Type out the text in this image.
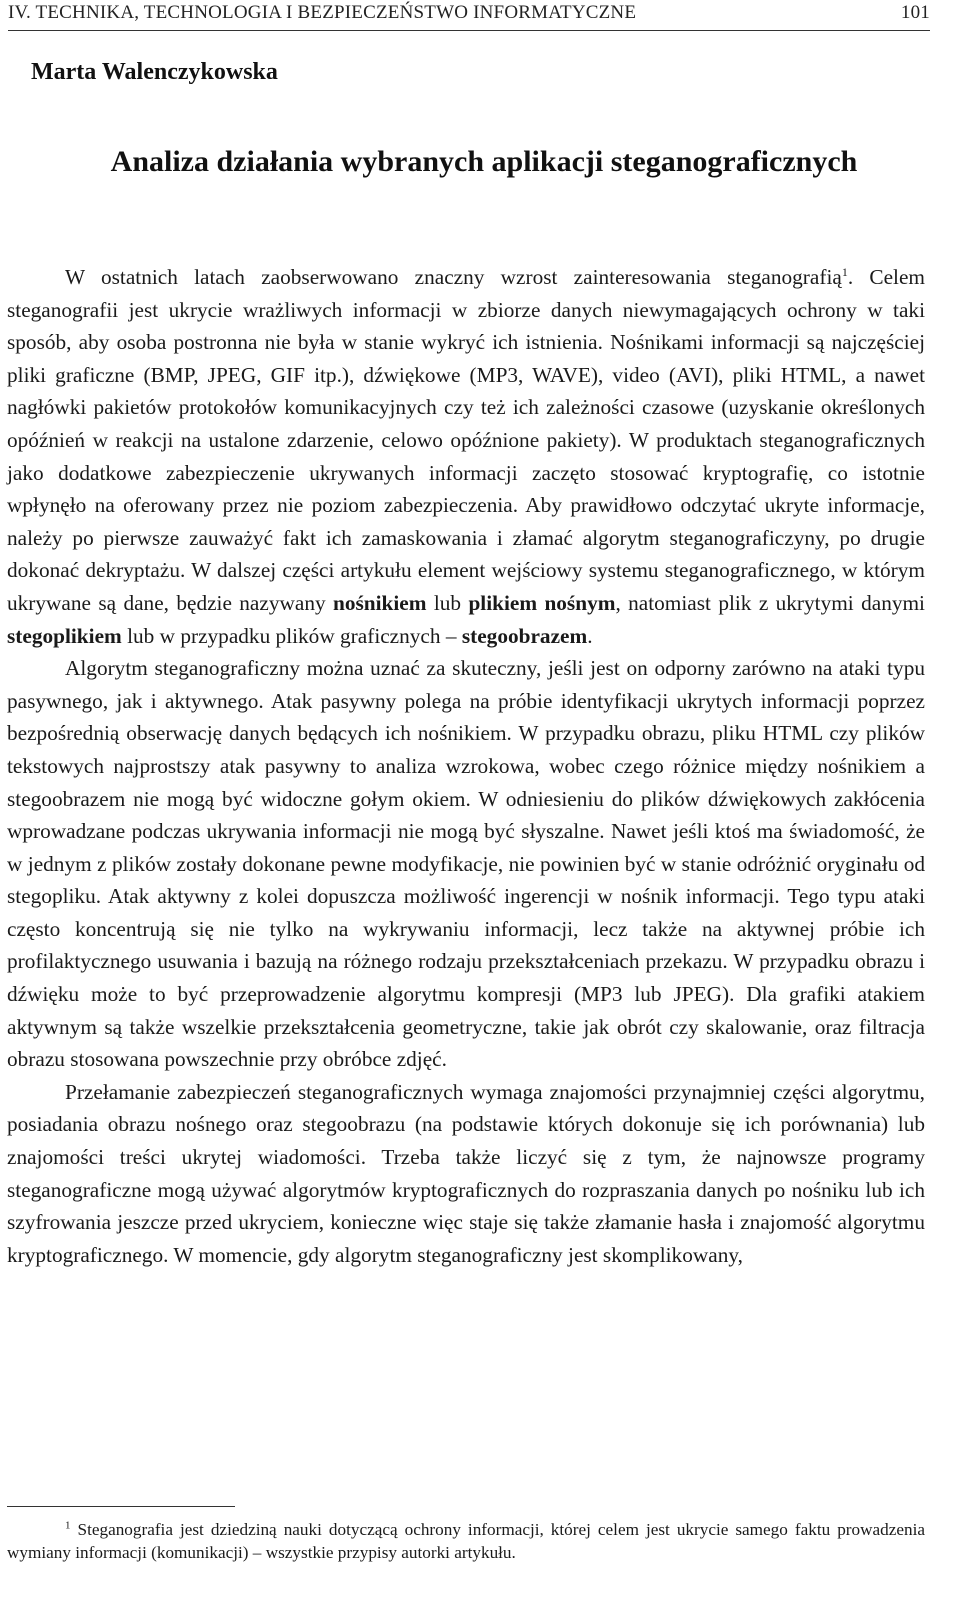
IV. TECHNIKA, TECHNOLOGIA I BEZPIECZEŃSTWO INFORMATYCZNE	101
Marta Walenczykowska
Analiza działania wybranych aplikacji steganograficznych

W ostatnich latach zaobserwowano znaczny wzrost zainteresowania steganografią$^1$. Celem steganografii jest ukrycie wrażliwych informacji w zbiorze danych niewymagających ochrony w taki sposób, aby osoba postronna nie była w stanie wykryć ich istnienia. Nośnikami informacji są najczęściej pliki graficzne (BMP, JPEG, GIF itp.), dźwiękowe (MP3, WAVE), video (AVI), pliki HTML, a nawet nagłówki pakietów protokołów komunikacyjnych czy też ich zależności czasowe (uzyskanie określonych opóźnień w reakcji na ustalone zdarzenie, celowo opóźnione pakiety). W produktach steganograficznych jako dodatkowe zabezpieczenie ukrywanych informacji zaczęto stosować kryptografię, co istotnie wpłynęło na oferowany przez nie poziom zabezpieczenia. Aby prawidłowo odczytać ukryte informacje, należy po pierwsze zauważyć fakt ich zamaskowania i złamać algorytm steganograficzyny, po drugie dokonać dekryptażu. W dalszej części artykułu element wejściowy systemu steganograficznego, w którym ukrywane są dane, będzie nazywany nośnikiem lub plikiem nośnym, natomiast plik z ukrytymi danymi stegoplikiem lub w przypadku plików graficznych – stegoobrazem.

Algorytm steganograficzny można uznać za skuteczny, jeśli jest on odporny zarówno na ataki typu pasywnego, jak i aktywnego. Atak pasywny polega na próbie identyfikacji ukrytych informacji poprzez bezpośrednią obserwację danych będących ich nośnikiem. W przypadku obrazu, pliku HTML czy plików tekstowych najprostszy atak pasywny to analiza wzrokowa, wobec czego różnice między nośnikiem a stegoobrazem nie mogą być widoczne gołym okiem. W odniesieniu do plików dźwiękowych zakłócenia wprowadzane podczas ukrywania informacji nie mogą być słyszalne. Nawet jeśli ktoś ma świadomość, że w jednym z plików zostały dokonane pewne modyfikacje, nie powinien być w stanie odróżnić oryginału od stegopliku. Atak aktywny z kolei dopuszcza możliwość ingerencji w nośnik informacji. Tego typu ataki często koncentrują się nie tylko na wykrywaniu informacji, lecz także na aktywnej próbie ich profilaktycznego usuwania i bazują na różnego rodzaju przekształceniach przekazu. W przypadku obrazu i dźwięku może to być przeprowadzenie algorytmu kompresji (MP3 lub JPEG). Dla grafiki atakiem aktywnym są także wszelkie przekształcenia geometryczne, takie jak obrót czy skalowanie, oraz filtracja obrazu stosowana powszechnie przy obróbce zdjęć.

Przełamanie zabezpieczeń steganograficznych wymaga znajomości przynajmniej części algorytmu, posiadania obrazu nośnego oraz stegoobrazu (na podstawie których dokonuje się ich porównania) lub znajomości treści ukrytej wiadomości. Trzeba także liczyć się z tym, że najnowsze programy steganograficzne mogą używać algorytmów kryptograficznych do rozpraszania danych po nośniku lub ich szyfrowania jeszcze przed ukryciem, konieczne więc staje się także złamanie hasła i znajomość algorytmu kryptograficznego. W momencie, gdy algorytm steganograficzny jest skomplikowany,

$^1$ Steganografia jest dziedziną nauki dotyczącą ochrony informacji, której celem jest ukrycie samego faktu prowadzenia wymiany informacji (komunikacji) – wszystkie przypisy autorki artykułu.
